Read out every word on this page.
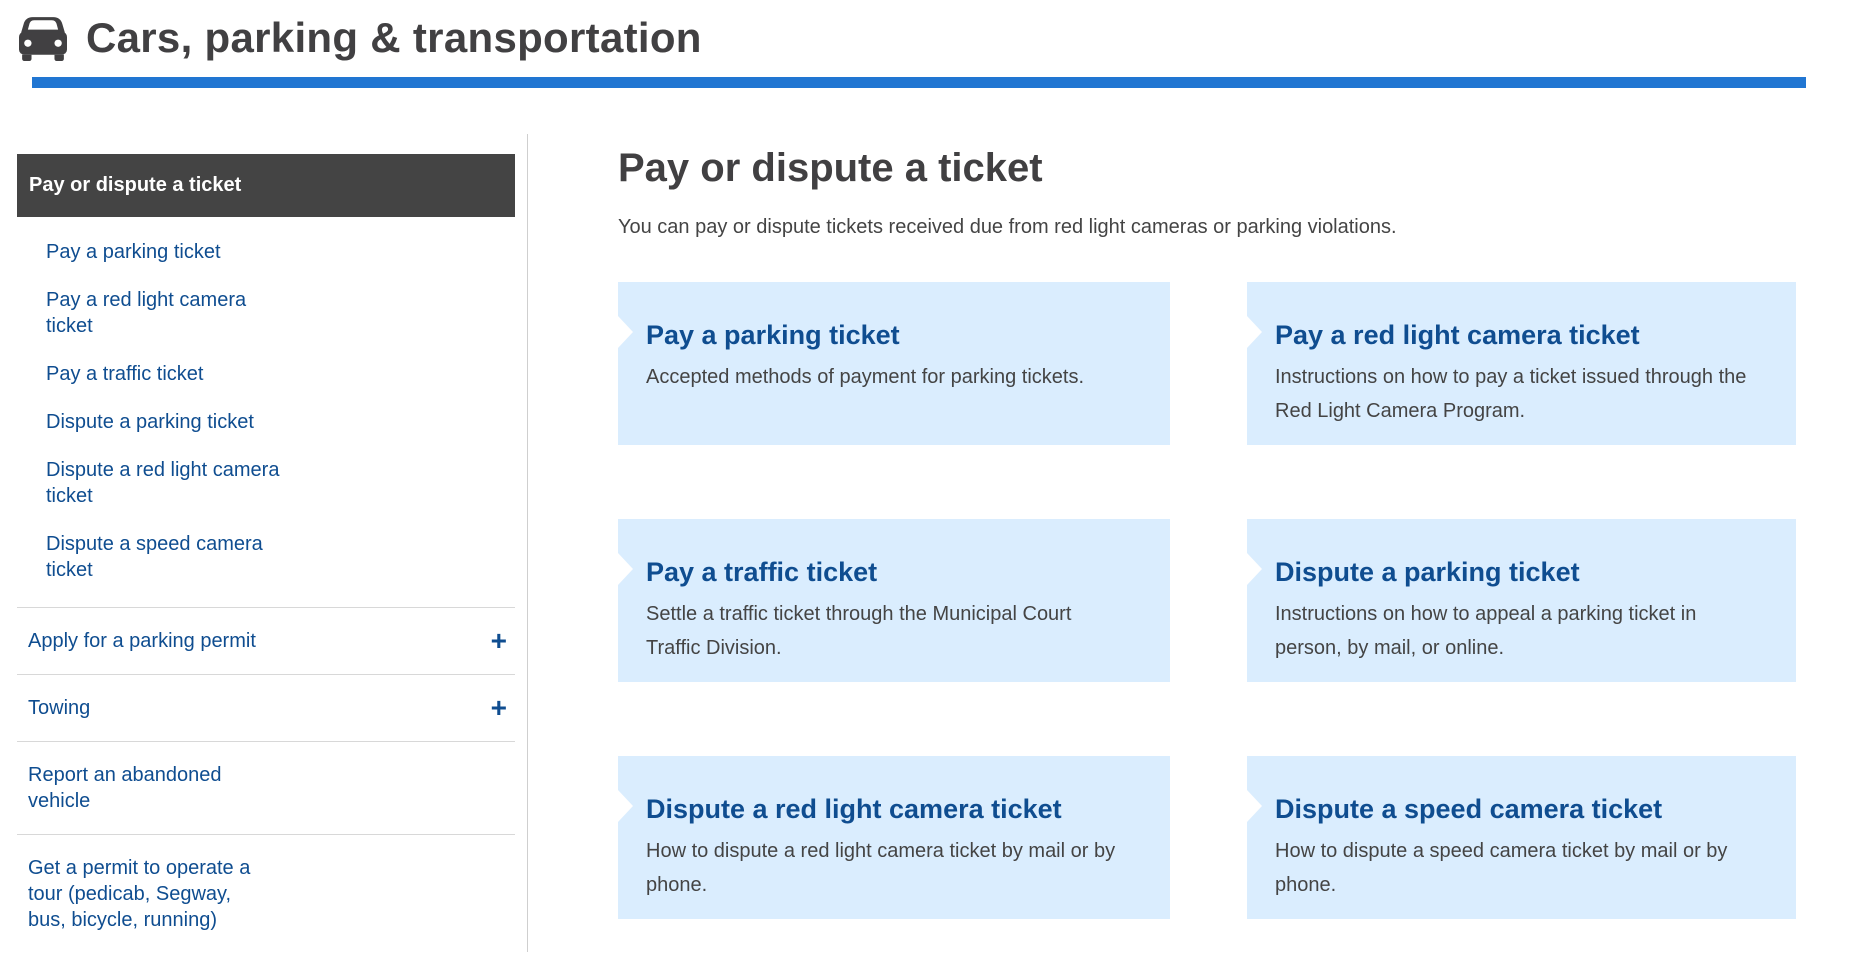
Cars, parking & transportation
Pay or dispute a ticket
Pay a parking ticket
Pay a red light camera ticket
Pay a traffic ticket
Dispute a parking ticket
Dispute a red light camera ticket
Dispute a speed camera ticket
Apply for a parking permit	+
Towing	+
Report an abandoned vehicle
Get a permit to operate a tour (pedicab, Segway, bus, bicycle, running)
Pay or dispute a ticket

You can pay or dispute tickets received due from red light cameras or parking violations.

Pay a parking ticket

Accepted methods of payment for parking tickets.

Pay a red light camera ticket

Instructions on how to pay a ticket issued through the Red Light Camera Program.

Pay a traffic ticket

Settle a traffic ticket through the Municipal Court Traffic Division.

Dispute a parking ticket

Instructions on how to appeal a parking ticket in person, by mail, or online.

Dispute a red light camera ticket

How to dispute a red light camera ticket by mail or by phone.

Dispute a speed camera ticket

How to dispute a speed camera ticket by mail or by phone.
